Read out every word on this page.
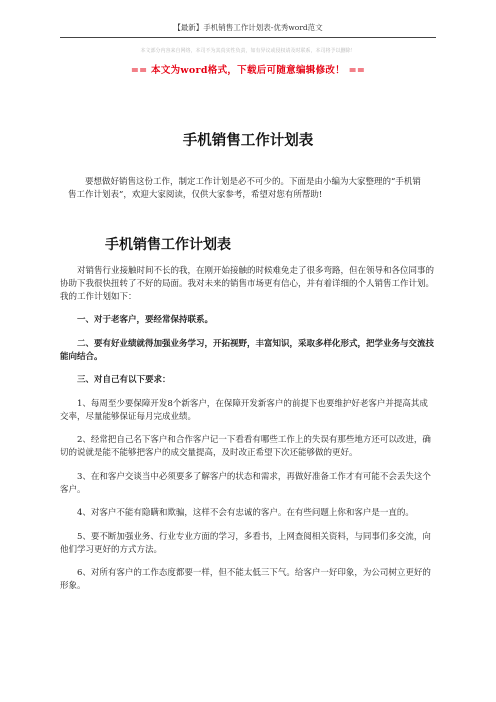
【最新】手机销售工作计划表-优秀word范文
本文部分内容来自网络，本司不为其真实性负责，如有异议或侵权请及时联系，本司将予以删除！
== 本文为word格式，下载后可随意编辑修改！ ==
手机销售工作计划表
要想做好销售这份工作，制定工作计划是必不可少的。下面是由小编为大家整理的“手机销售工作计划表”，欢迎大家阅读，仅供大家参考，希望对您有所帮助!
手机销售工作计划表

对销售行业接触时间不长的我，在刚开始接触的时候难免走了很多弯路，但在领导和各位同事的协助下我很快扭转了不好的局面。我对未来的销售市场更有信心，并有着详细的个人销售工作计划。 我的工作计划如下：

一、对于老客户，要经常保持联系。

二、要有好业绩就得加强业务学习，开拓视野，丰富知识，采取多样化形式，把学业务与交流技能向结合。

三、对自己有以下要求：

1、每周至少要保障开发8个新客户，在保障开发新客户的前提下也要维护好老客户并提高其成交率，尽量能够保证每月完成业绩。

2、经常把自己名下客户和合作客户记一下看看有哪些工作上的失误有那些地方还可以改进，确切的说就是能不能够把客户的成交量提高，及时改正希望下次还能够做的更好。

3、在和客户交谈当中必须要多了解客户的状态和需求，再做好准备工作才有可能不会丢失这个客户。

4、对客户不能有隐瞒和欺骗，这样不会有忠诚的客户。在有些问题上你和客户是一直的。

5、要不断加强业务、行业专业方面的学习，多看书，上网查阅相关资料，与同事们多交流，向他们学习更好的方式方法。

6、对所有客户的工作态度都要一样，但不能太低三下气。给客户一好印象，为公司树立更好的形象。
